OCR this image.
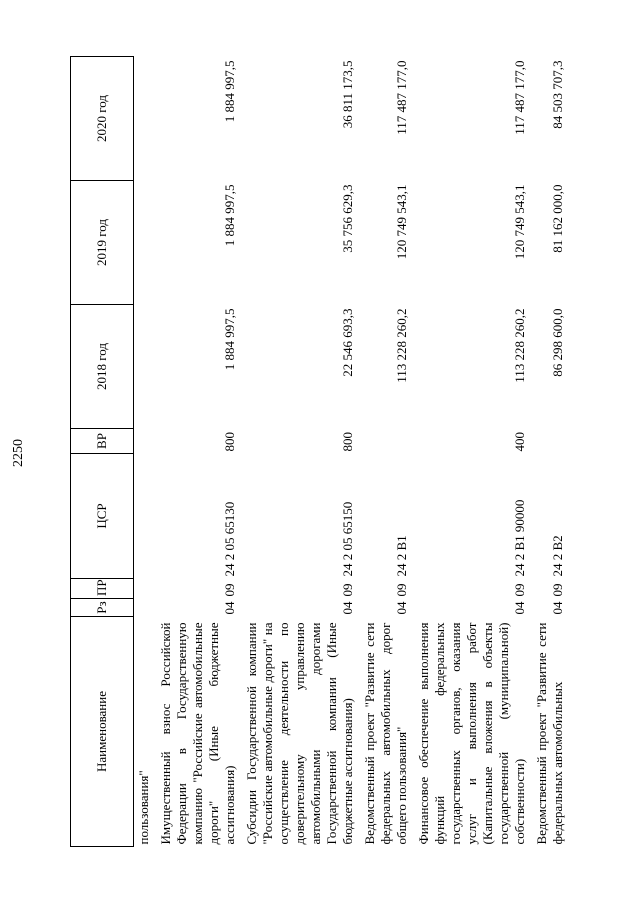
2250
Наименование	Рз	ПР	ЦСР	ВР	2018 год	2019 год	2020 год
пользования"							
Имущественный взнос Российской Федерации в Государственную компанию "Российские автомобильные дороги" (Иные бюджетные ассигнования)	04	09	24 2 05 65130	800	1 884 997,5	1 884 997,5	1 884 997,5
Субсидии Государственной компании "Российские автомобильные дороги" на осуществление деятельности по доверительному управлению автомобильными дорогами Государственной компании (Иные бюджетные ассигнования)	04	09	24 2 05 65150	800	22 546 693,3	35 756 629,3	36 811 173,5
Ведомственный проект "Развитие сети федеральных автомобильных дорог общего пользования"	04	09	24 2 В1		113 228 260,2	120 749 543,1	117 487 177,0
Финансовое обеспечение выполнения функций федеральных государственных органов, оказания услуг и выполнения работ (Капитальные вложения в объекты государственной (муниципальной) собственности)	04	09	24 2 В1 90000	400	113 228 260,2	120 749 543,1	117 487 177,0
Ведомственный проект "Развитие сети федеральных автомобильных	04	09	24 2 В2		86 298 600,0	81 162 000,0	84 503 707,3
